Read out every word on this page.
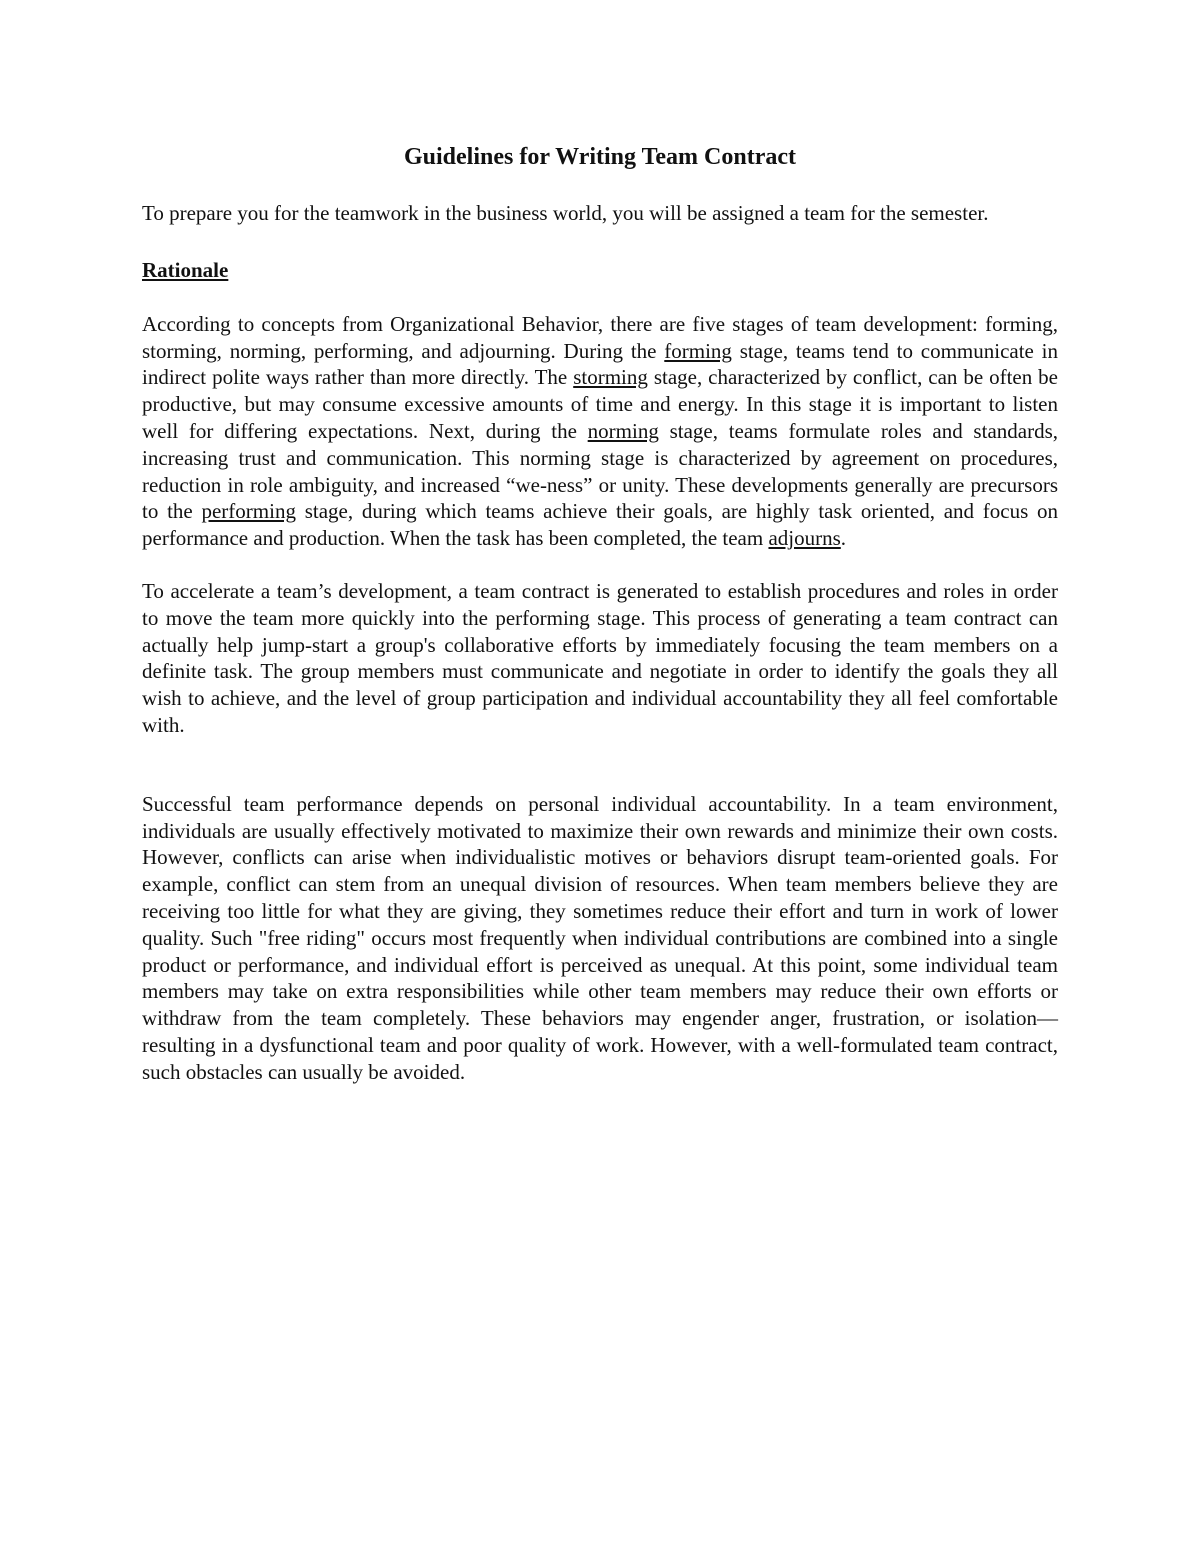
Guidelines for Writing Team Contract

To prepare you for the teamwork in the business world, you will be assigned a team for the semester.

Rationale

According to concepts from Organizational Behavior, there are five stages of team development: forming, storming, norming, performing, and adjourning. During the forming stage, teams tend to communicate in indirect polite ways rather than more directly. The storming stage, characterized by conflict, can be often be productive, but may consume excessive amounts of time and energy. In this stage it is important to listen well for differing expectations. Next, during the norming stage, teams formulate roles and standards, increasing trust and communication. This norming stage is characterized by agreement on procedures, reduction in role ambiguity, and increased “we-ness” or unity. These developments generally are precursors to the performing stage, during which teams achieve their goals, are highly task oriented, and focus on performance and production. When the task has been completed, the team adjourns.

To accelerate a team’s development, a team contract is generated to establish procedures and roles in order to move the team more quickly into the performing stage. This process of generating a team contract can actually help jump-start a group's collaborative efforts by immediately focusing the team members on a definite task. The group members must communicate and negotiate in order to identify the goals they all wish to achieve, and the level of group participation and individual accountability they all feel comfortable with.

Successful team performance depends on personal individual accountability. In a team environment, individuals are usually effectively motivated to maximize their own rewards and minimize their own costs. However, conflicts can arise when individualistic motives or behaviors disrupt team-oriented goals. For example, conflict can stem from an unequal division of resources. When team members believe they are receiving too little for what they are giving, they sometimes reduce their effort and turn in work of lower quality. Such "free riding" occurs most frequently when individual contributions are combined into a single product or performance, and individual effort is perceived as unequal. At this point, some individual team members may take on extra responsibilities while other team members may reduce their own efforts or withdraw from the team completely. These behaviors may engender anger, frustration, or isolation—resulting in a dysfunctional team and poor quality of work. However, with a well-formulated team contract, such obstacles can usually be avoided.
